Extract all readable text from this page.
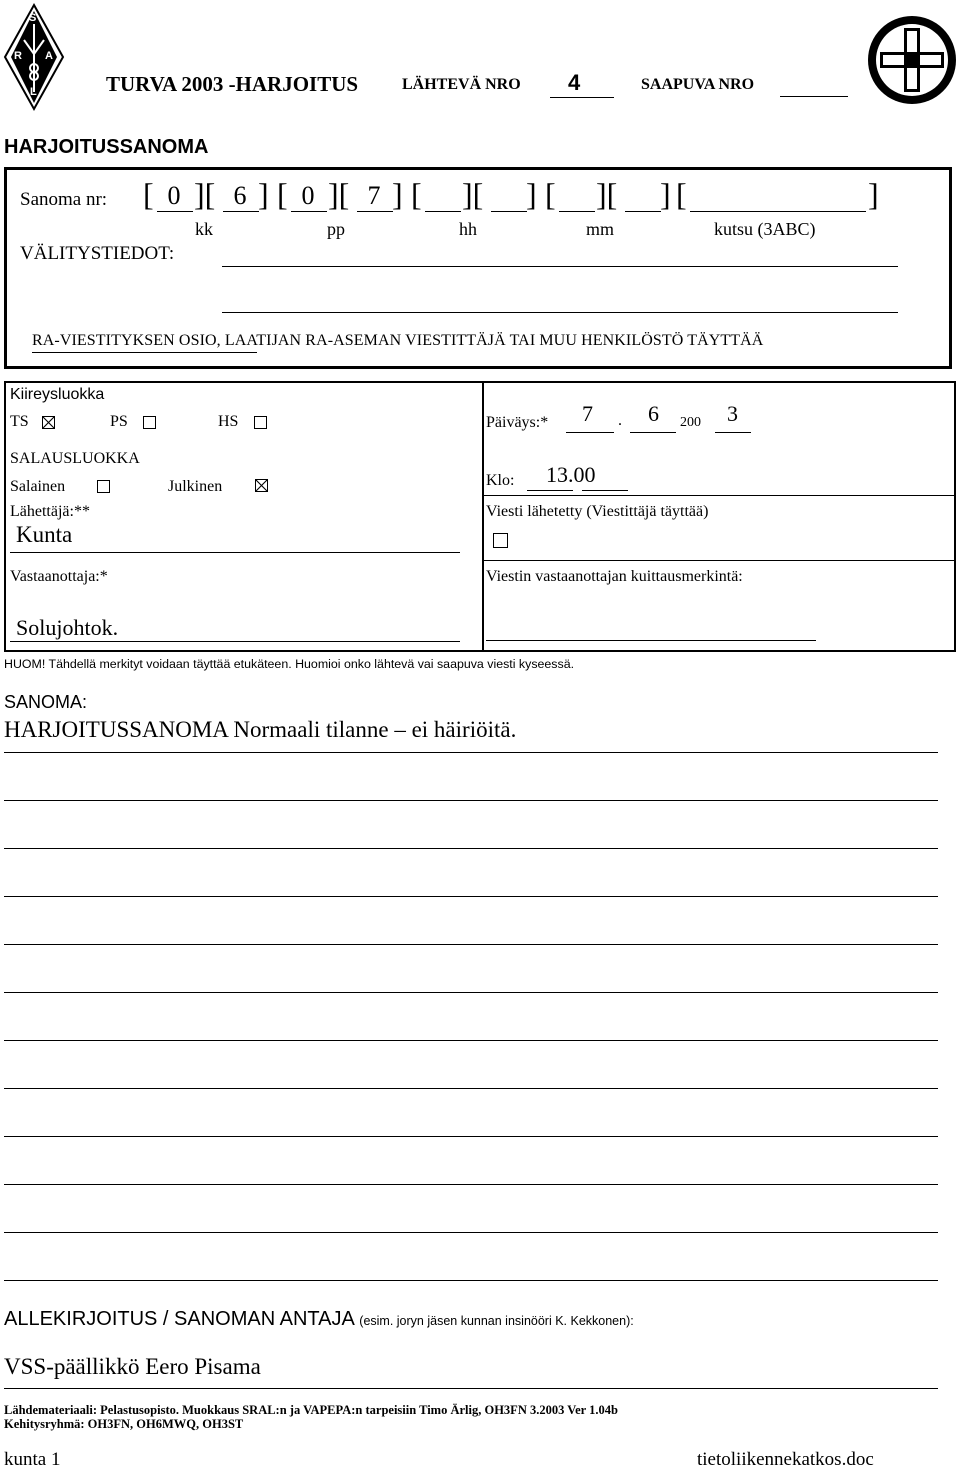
S
R A
L	TURVA 2003 -HARJOITUS	LÄHTEVÄ NRO 4	SAAPUVA NRO
HARJOITUSSANOMA
Sanoma nr: [ 0 ][ 6 ] [ 0 ][ 7 ] [ ][ ] [ ][ ] [	]
kk	pp	hh	mm	kutsu (3ABC)
VÄLITYSTIEDOT:
RA-VIESTITYKSEN OSIO, LAATIJAN RA-ASEMAN VIESTITTÄJÄ TAI MUU HENKILÖSTÖ TÄYTTÄÄ
Kiireysluokka
TS	PS	HS
SALAUSLUOKKA
Salainen	Julkinen
Lähettäjä:**
Kunta
Vastaanottaja:*
Solujohtok.
Päiväys:* 7 . 6 200 3
Klo: 13.00
Viesti lähetetty (Viestittäjä täyttää)
Viestin vastaanottajan kuittausmerkintä:
HUOM! Tähdellä merkityt voidaan täyttää etukäteen. Huomioi onko lähtevä vai saapuva viesti kyseessä.
SANOMA:
HARJOITUSSANOMA Normaali tilanne – ei häiriöitä.
ALLEKIRJOITUS / SANOMAN ANTAJA (esim. joryn jäsen kunnan insinööri K. Kekkonen):
VSS-päällikkö Eero Pisama
Lähdemateriaali: Pelastusopisto. Muokkaus SRAL:n ja VAPEPA:n tarpeisiin Timo Ärlig, OH3FN 3.2003 Ver 1.04b
Kehitysryhmä: OH3FN, OH6MWQ, OH3ST
kunta 1	tietoliikennekatkos.doc
